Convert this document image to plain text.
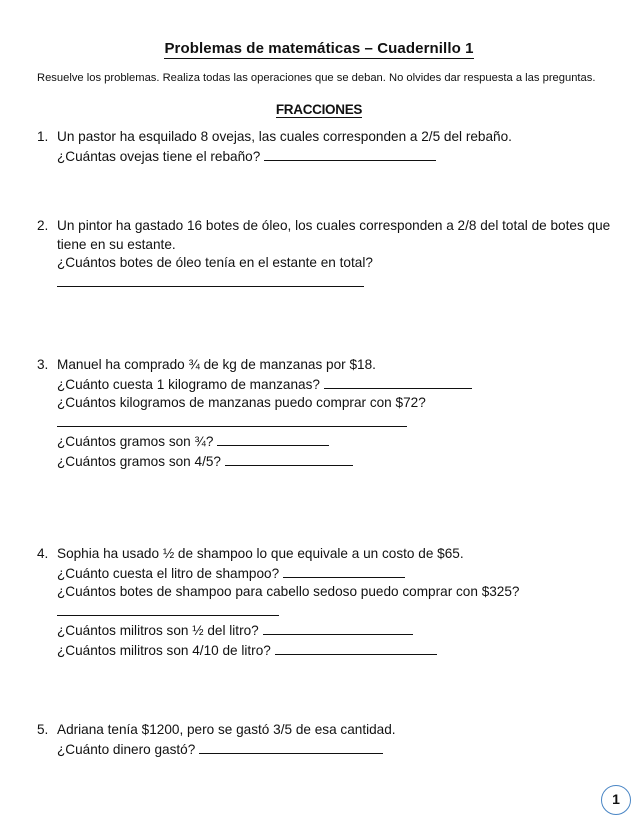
Problemas de matemáticas – Cuadernillo 1
Resuelve los problemas. Realiza todas las operaciones que se deban. No olvides dar respuesta a las preguntas.
FRACCIONES
1. Un pastor ha esquilado 8 ovejas, las cuales corresponden a 2/5 del rebaño.
¿Cuántas ovejas tiene el rebaño?
2. Un pintor ha gastado 16 botes de óleo, los cuales corresponden a 2/8 del total de botes que
tiene en su estante.
¿Cuántos botes de óleo tenía en el estante en total?
3. Manuel ha comprado ¾ de kg de manzanas por $18.
¿Cuánto cuesta 1 kilogramo de manzanas?
¿Cuántos kilogramos de manzanas puedo comprar con $72?
¿Cuántos gramos son ¾?
¿Cuántos gramos son 4/5?
4. Sophia ha usado ½ de shampoo lo que equivale a un costo de $65.
¿Cuánto cuesta el litro de shampoo?
¿Cuántos botes de shampoo para cabello sedoso puedo comprar con $325?
¿Cuántos militros son ½ del litro?
¿Cuántos militros son 4/10 de litro?
5. Adriana tenía $1200, pero se gastó 3/5 de esa cantidad.
¿Cuánto dinero gastó?
1
